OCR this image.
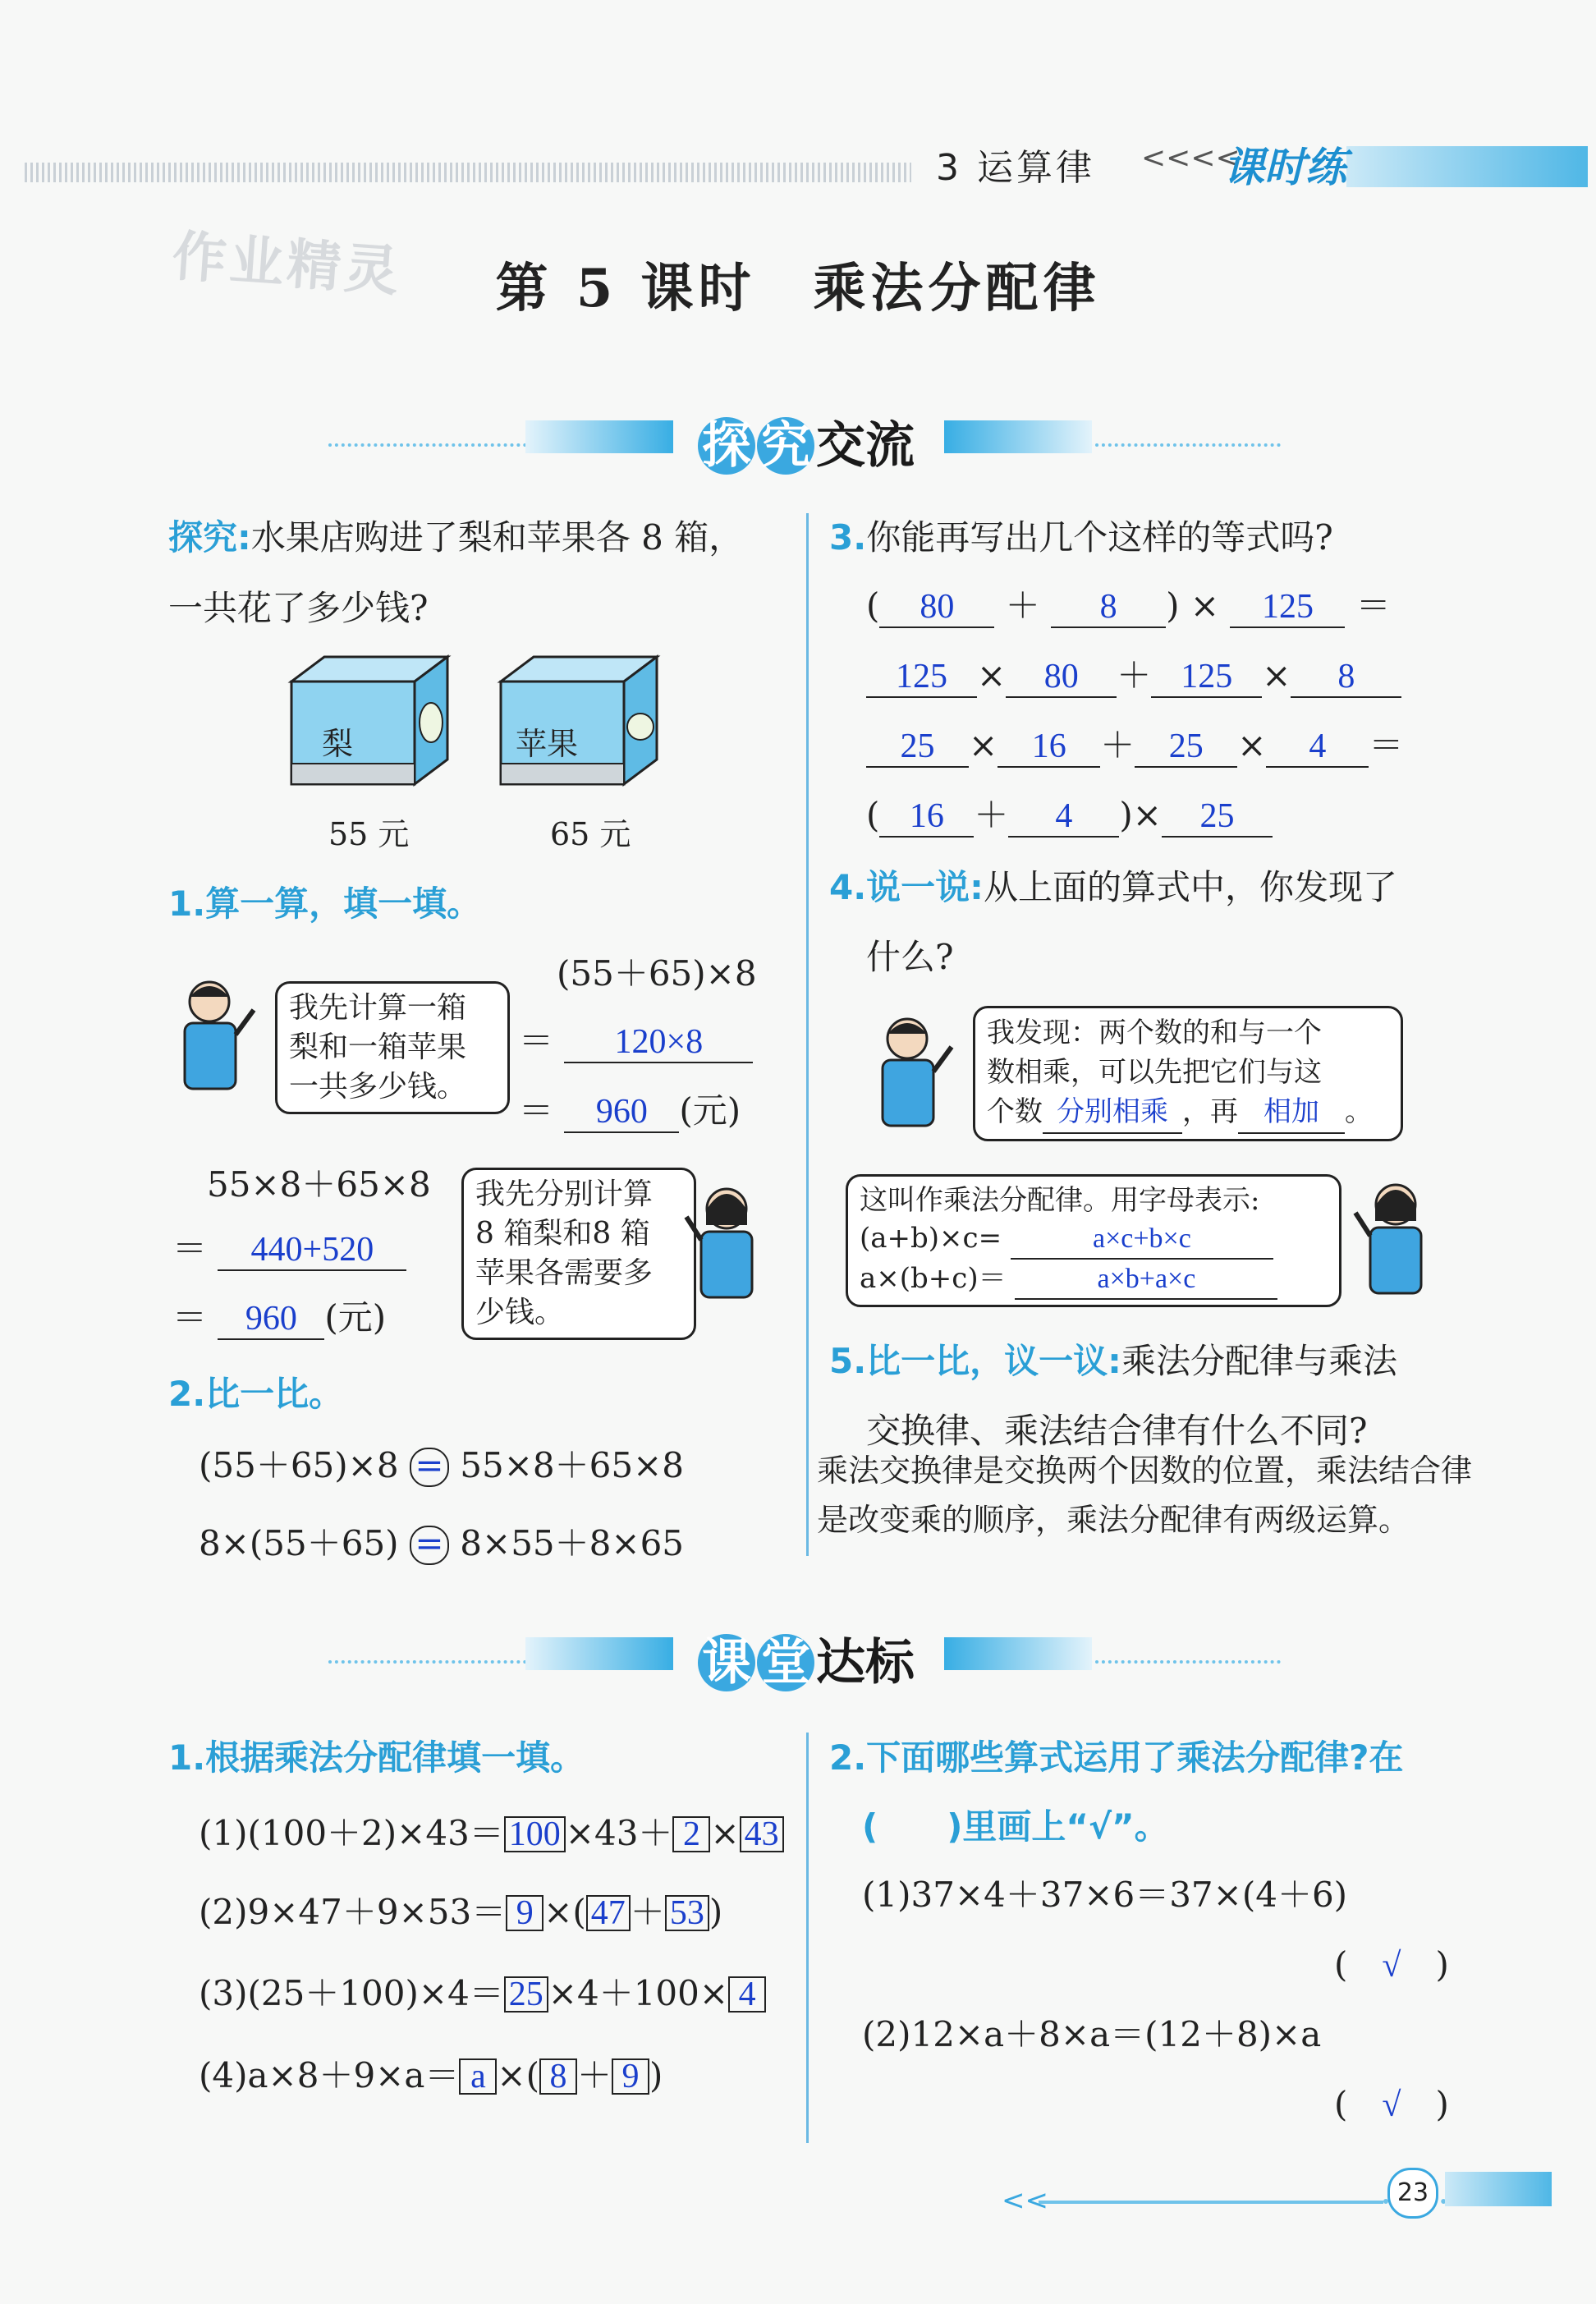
3 运算律 <<<<
课时练
作业精灵	第 5 课时　乘法分配律
探 究 交流
探究:水果店购进了梨和苹果各 8 箱，
一共花了多少钱?
梨	苹果
55 元	65 元
1.算一算，填一填。
我先计算一箱
梨和一箱苹果
一共多少钱。
(55＋65)×8
＝ 120×8
＝ 960 (元)
55×8＋65×8 我先分别计算
8 箱梨和8 箱
苹果各需要多
少钱。
＝ 440+520
＝ 960 (元)
2.比一比。
(55＋65)×8 = 55×8＋65×8
8×(55＋65) = 8×55＋8×65
3.你能再写出几个这样的等式吗?
( 80 ＋ 8 ) × 125 ＝
125 × 80 ＋ 125 × 8
25 × 16 ＋ 25 × 4 ＝
( 16 ＋ 4 )× 25
4.说一说:从上面的算式中，你发现了
什么?
我发现：两个数的和与一个
数相乘，可以先把它们与这
个数 分别相乘 ，再 相加 。
这叫作乘法分配律。用字母表示:
(a+b)×c=	a×c+b×c
a×(b+c)＝	a×b+a×c
5.比一比，议一议:乘法分配律与乘法
交换律、乘法结合律有什么不同?
乘法交换律是交换两个因数的位置，乘法结合律
是改变乘的顺序，乘法分配律有两级运算。
课 堂 达标
1.根据乘法分配律填一填。
(1)(100＋2)×43＝ 100 ×43＋ 2 × 43
(2)9×47＋9×53＝ 9 ×( 47 ＋ 53 )
(3)(25＋100)×4＝ 25 ×4＋100× 4
(4)a×8＋9×a＝ a ×( 8 ＋ 9 )
2.下面哪些算式运用了乘法分配律?在
(　　)里画上“√”。
(1)37×4＋37×6＝37×(4＋6)
(　√　)
(2)12×a＋8×a＝(12＋8)×a
(　√　)
<<	23
